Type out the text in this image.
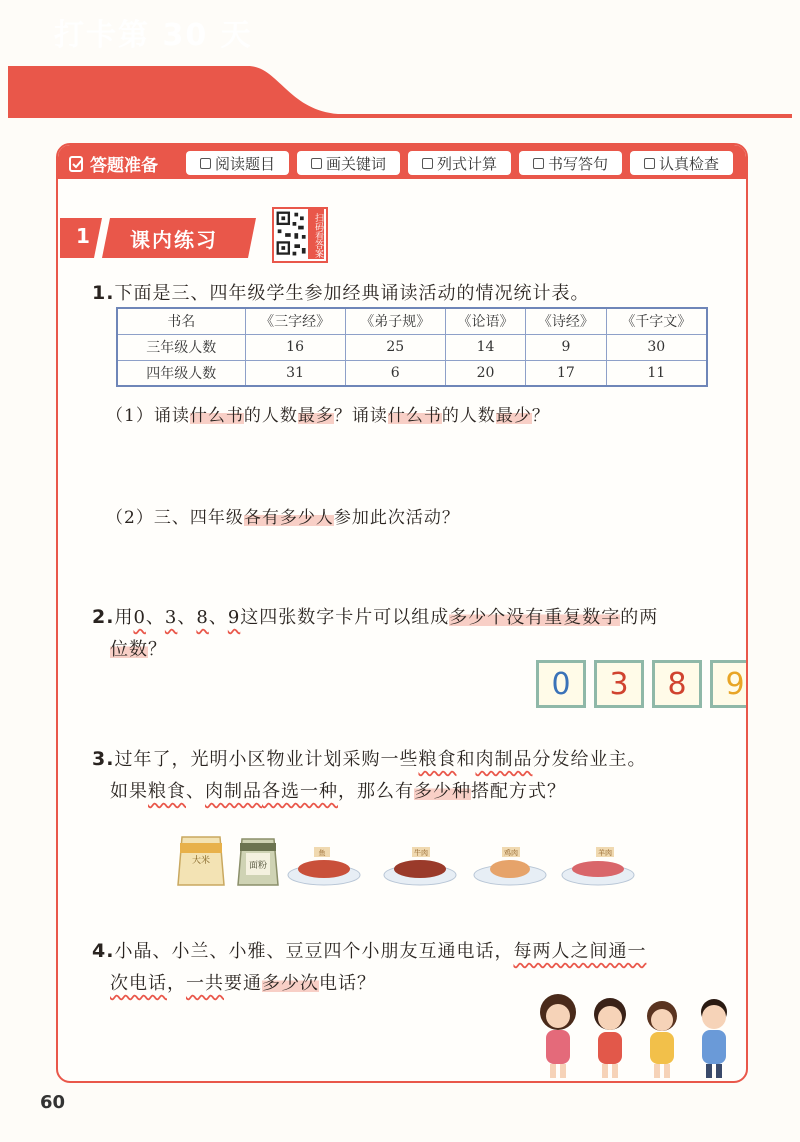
打卡第 30 天
答题准备	阅读题目	画关键词	列式计算	书写答句	认真检查
1	课内练习	扫码看答案
1.下面是三、四年级学生参加经典诵读活动的情况统计表。
书名	《三字经》	《弟子规》	《论语》	《诗经》	《千字文》
三年级人数	16	25	14	9	30
四年级人数	31	6	20	17	11
（1）诵读什么书的人数最多？诵读什么书的人数最少？
（2）三、四年级各有多少人参加此次活动？
2.用0、3、8、9这四张数字卡片可以组成多少个没有重复数字的两
位数？
0	3	8	9
3.过年了，光明小区物业计划采购一些粮食和肉制品分发给业主。
如果粮食、肉制品各选一种，那么有多少种搭配方式？
大米	面粉
鱼	牛肉	鸡肉	羊肉
4.小晶、小兰、小雅、豆豆四个小朋友互通电话，每两人之间通一
次电话，一共要通多少次电话？
60
